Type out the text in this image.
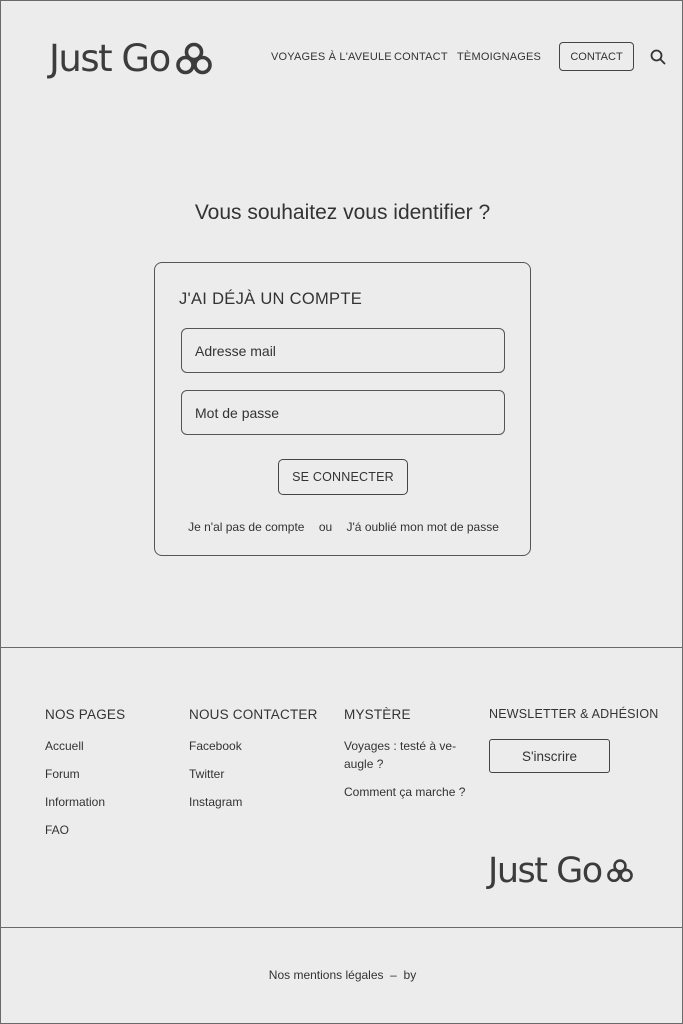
Just Go	VOYAGES À L'AVEULE CONTACT TÈMOIGNAGES	CONTACT
Vous souhaitez vous identifier ?
J'AI DÉJÀ UN COMPTE
Adresse mail
Mot de passe
SE CONNECTER
Je n'al pas de compte ou J'á oublié mon mot de passe
NOS PAGES
Accuell
Forum
Information
FAO
NOUS CONTACTER
Facebook
Twitter
Instagram
MYSTÈRE
Voyages : testé à ve-augle ?
Comment ça marche ?
NEWSLETTER & ADHÉSION
S'inscrire
Just Go
Nos mentions légales  –  by
